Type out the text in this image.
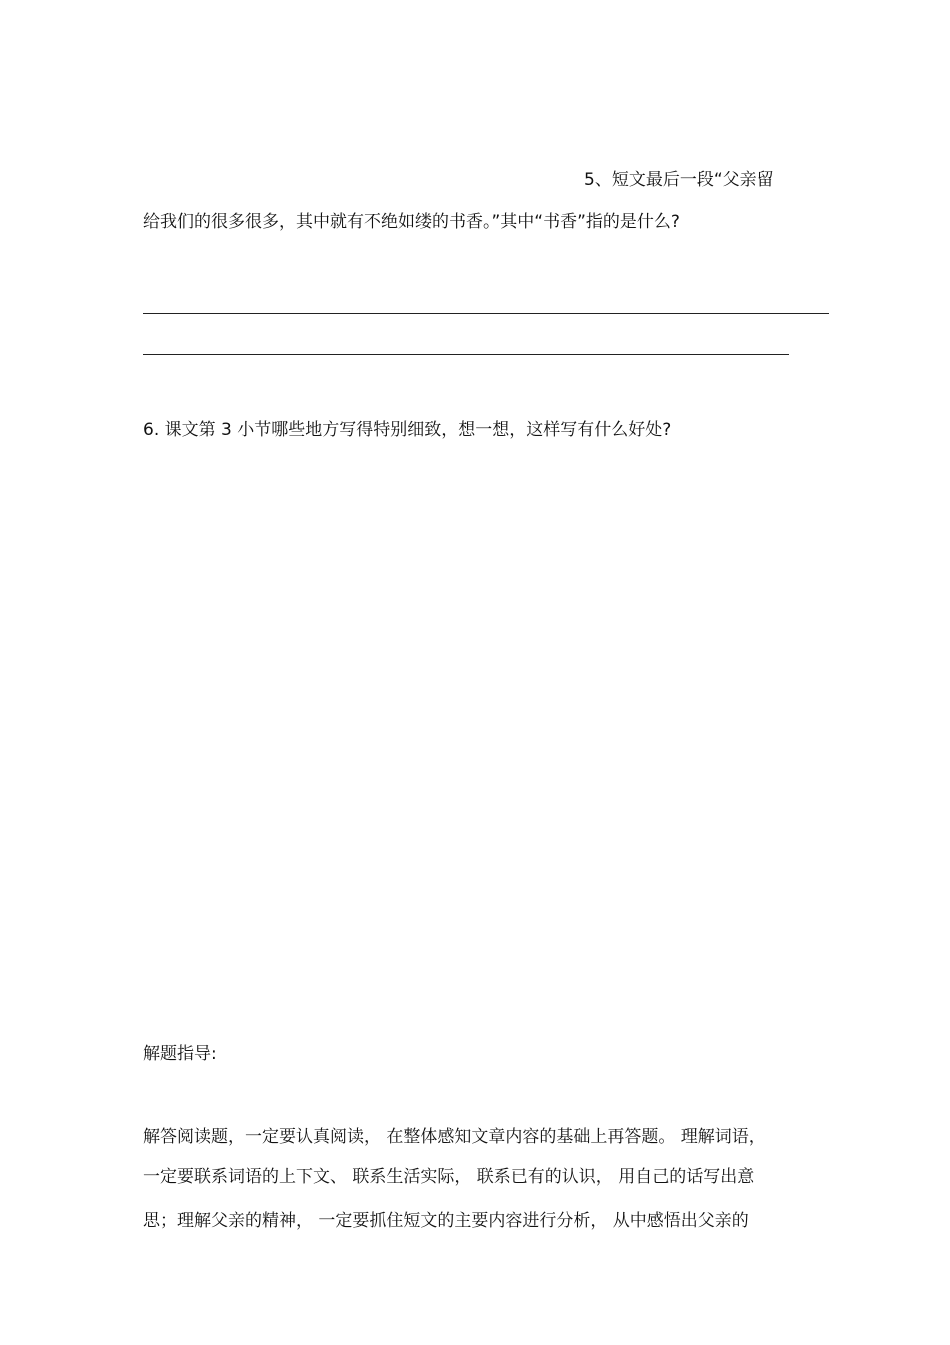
5、短文最后一段“父亲留
给我们的很多很多，其中就有不绝如缕的书香。”其中“书香”指的是什么?
6. 课文第 3 小节哪些地方写得特别细致，想一想，这样写有什么好处?
解题指导:
解答阅读题，一定要认真阅读， 在整体感知文章内容的基础上再答题。 理解词语，
一定要联系词语的上下文、 联系生活实际， 联系已有的认识， 用自己的话写出意
思；理解父亲的精神， 一定要抓住短文的主要内容进行分析， 从中感悟出父亲的
